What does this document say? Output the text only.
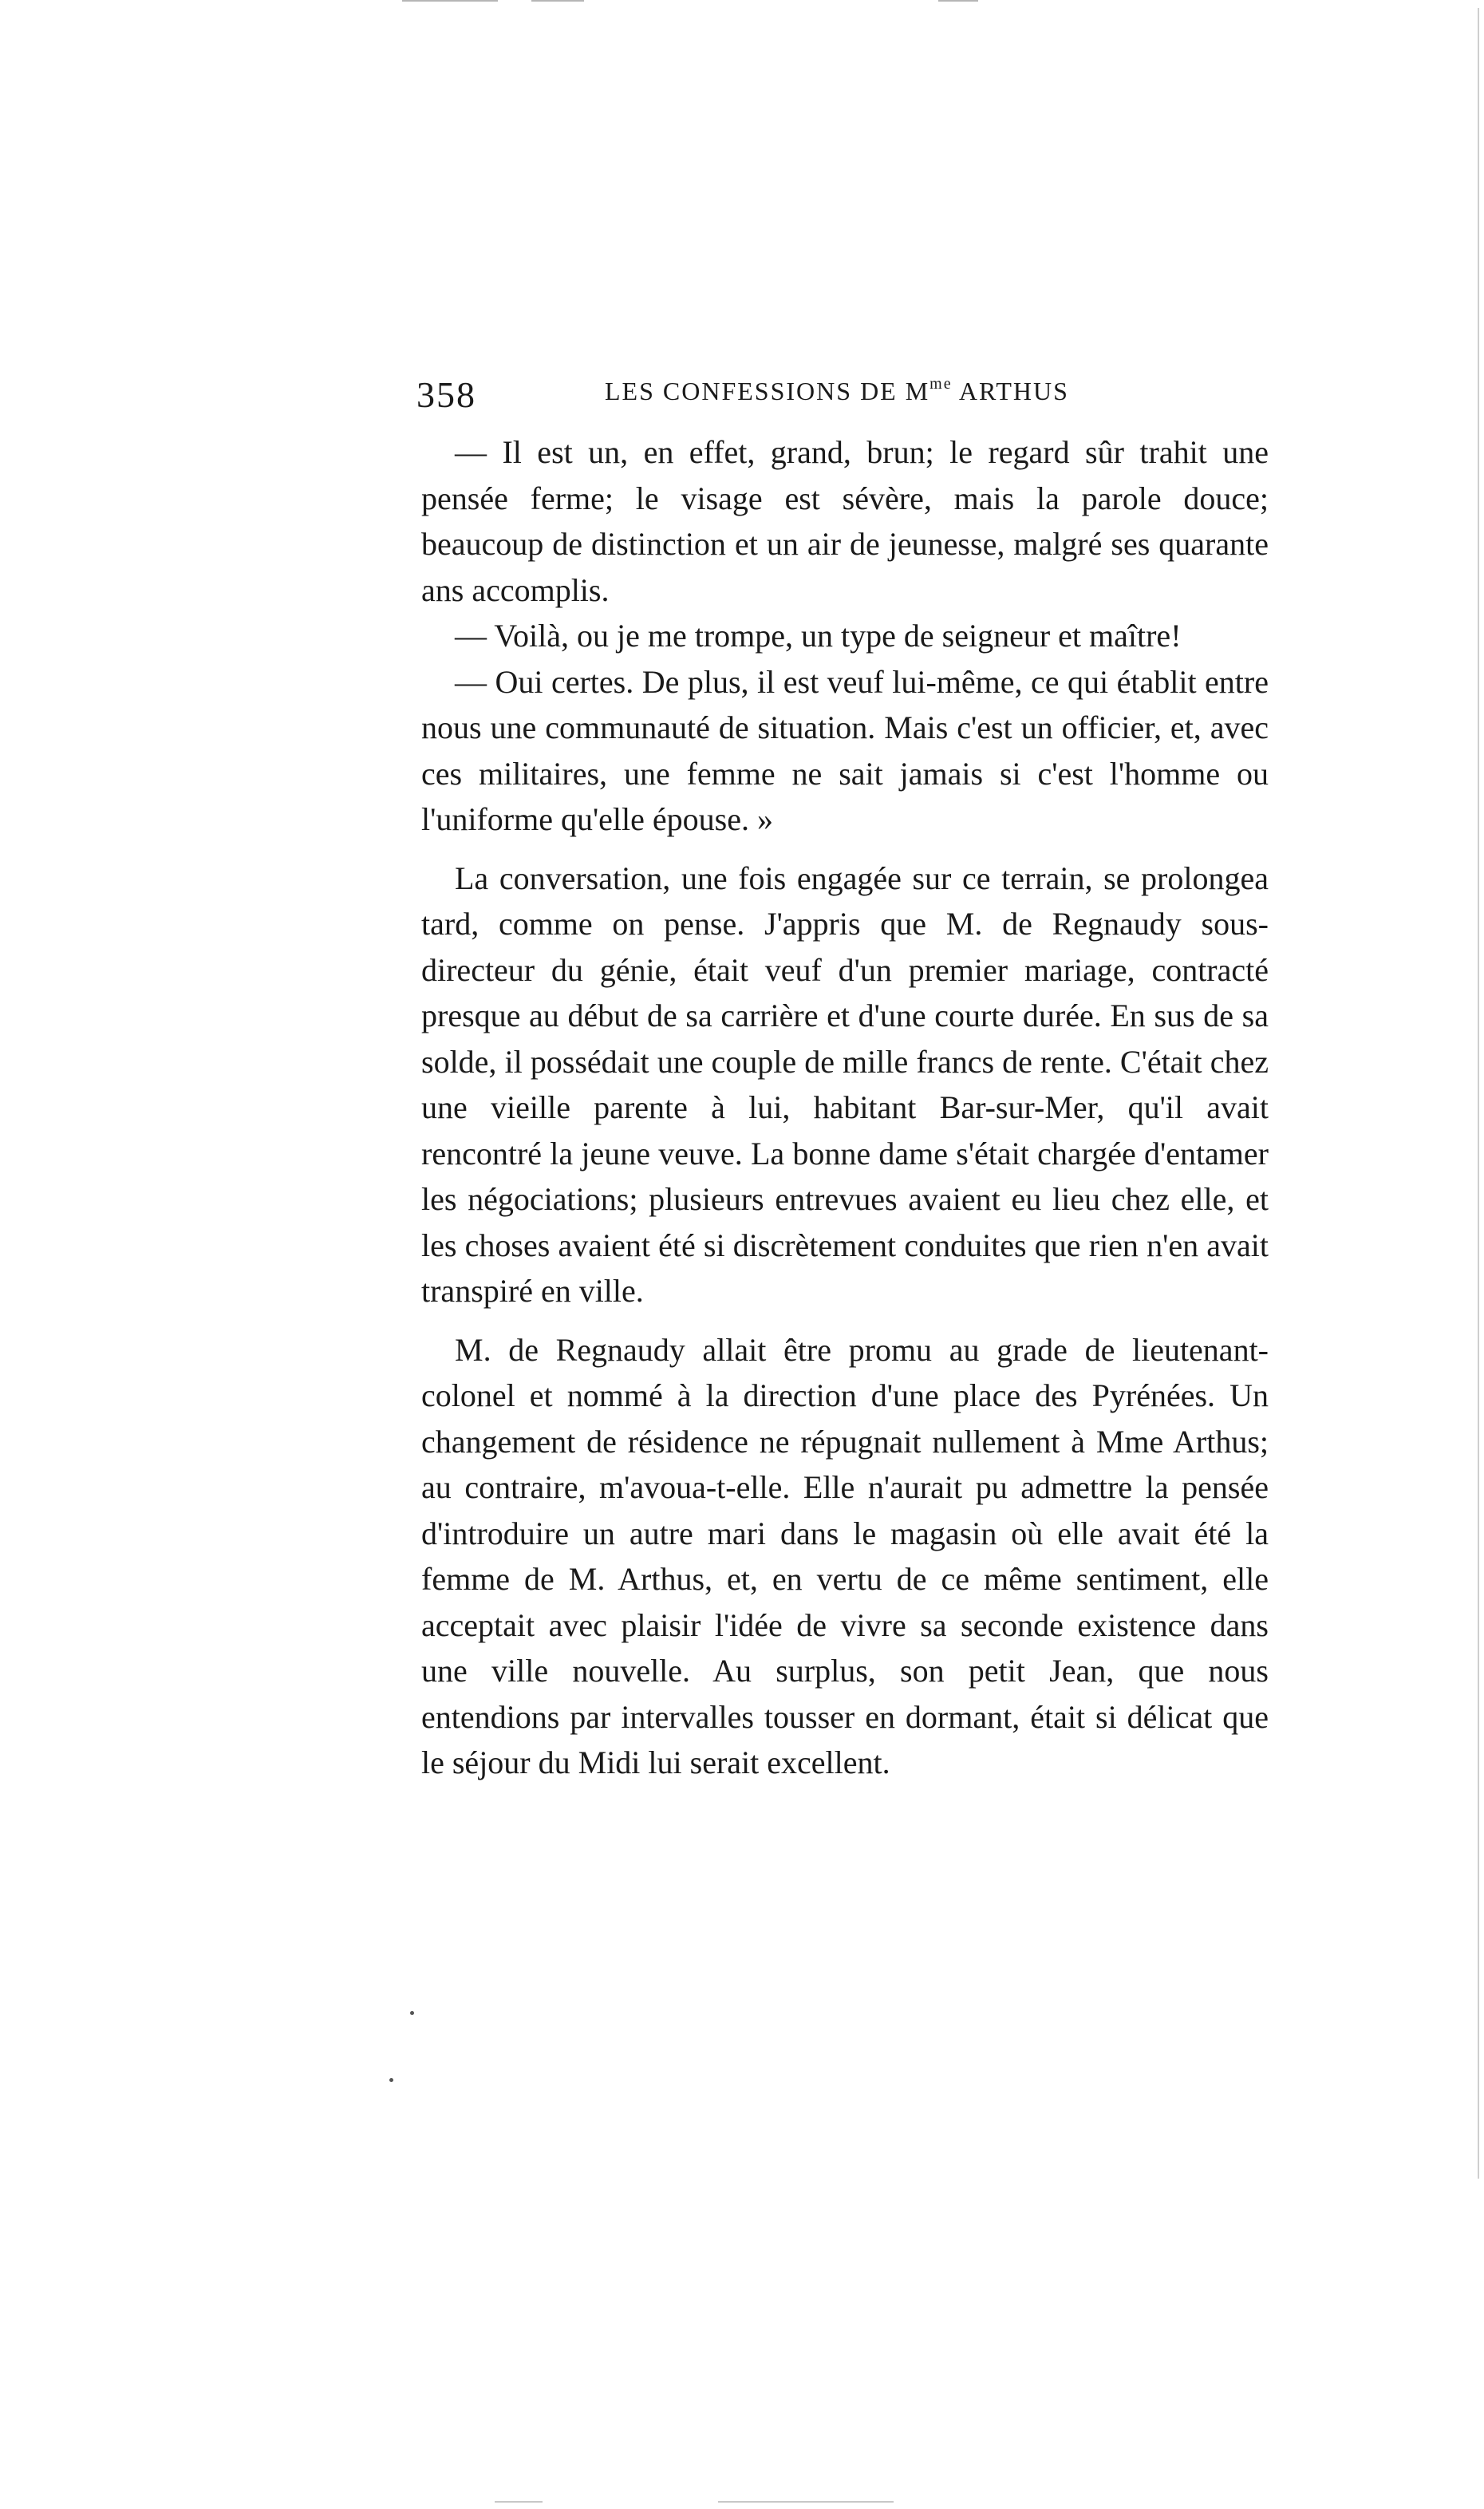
358	LES CONFESSIONS DE $M^{me}$ ARTHUS

— Il est un, en effet, grand, brun; le regard sûr trahit une pensée ferme; le visage est sévère, mais la parole douce; beaucoup de distinction et un air de jeunesse, malgré ses quarante ans accomplis.

— Voilà, ou je me trompe, un type de seigneur et maître!

— Oui certes. De plus, il est veuf lui-même, ce qui établit entre nous une communauté de situation. Mais c'est un officier, et, avec ces militaires, une femme ne sait jamais si c'est l'homme ou l'uniforme qu'elle épouse. »

La conversation, une fois engagée sur ce terrain, se prolongea tard, comme on pense. J'appris que M. de Regnaudy sous-directeur du génie, était veuf d'un premier mariage, contracté presque au début de sa carrière et d'une courte durée. En sus de sa solde, il possédait une couple de mille francs de rente. C'était chez une vieille parente à lui, habitant Bar-sur-Mer, qu'il avait rencontré la jeune veuve. La bonne dame s'était chargée d'entamer les négociations; plusieurs entrevues avaient eu lieu chez elle, et les choses avaient été si discrètement conduites que rien n'en avait transpiré en ville.

M. de Regnaudy allait être promu au grade de lieutenant-colonel et nommé à la direction d'une place des Pyrénées. Un changement de résidence ne répugnait nullement à Mme Arthus; au contraire, m'avoua-t-elle. Elle n'aurait pu admettre la pensée d'introduire un autre mari dans le magasin où elle avait été la femme de M. Arthus, et, en vertu de ce même sentiment, elle acceptait avec plaisir l'idée de vivre sa seconde existence dans une ville nouvelle. Au surplus, son petit Jean, que nous entendions par intervalles tousser en dormant, était si délicat que le séjour du Midi lui serait excellent.
